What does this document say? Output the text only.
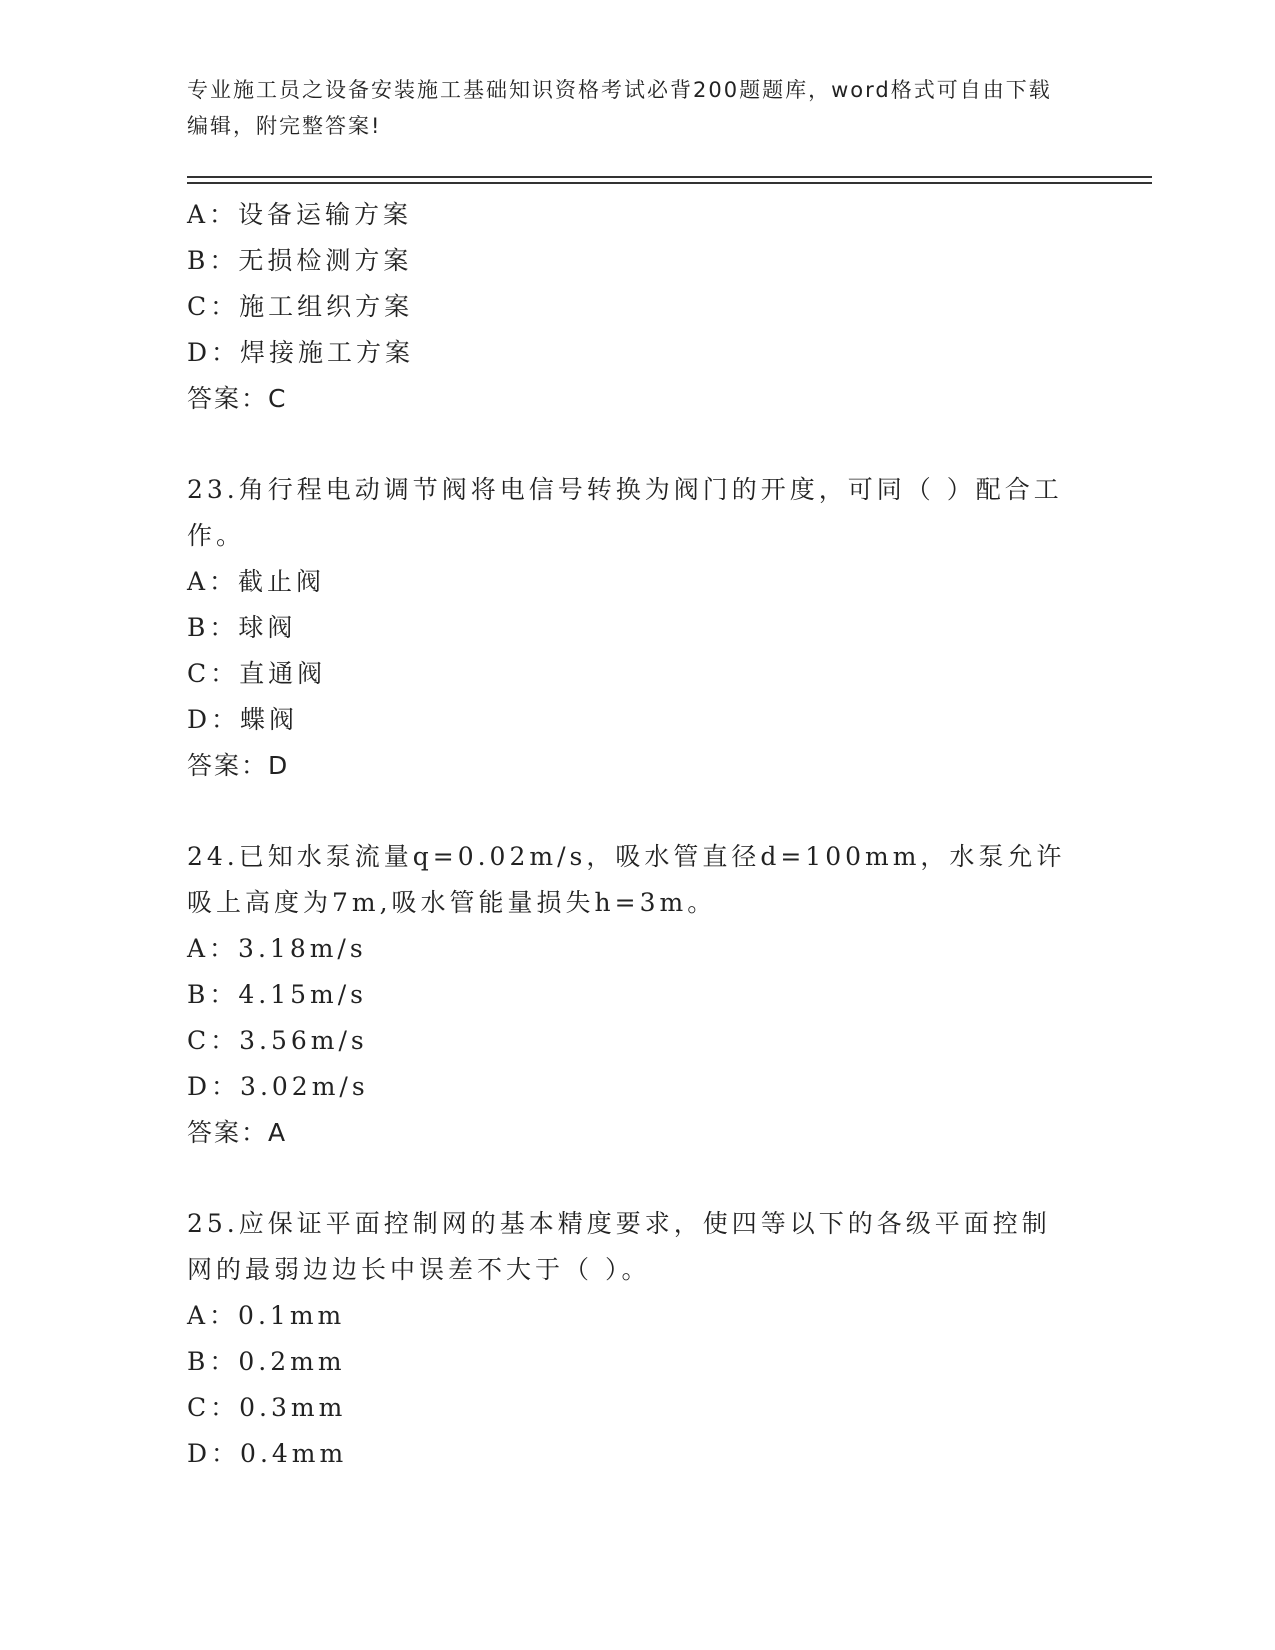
专业施工员之设备安装施工基础知识资格考试必背200题题库，word格式可自由下载编辑，附完整答案!
A：设备运输方案
B：无损检测方案
C：施工组织方案
D：焊接施工方案
答案：C
23.角行程电动调节阀将电信号转换为阀门的开度，可同（ ）配合工作。
A：截止阀
B：球阀
C：直通阀
D：蝶阀
答案：D
24.已知水泵流量q=0.02m/s，吸水管直径d=100mm，水泵允许吸上高度为7m,吸水管能量损失h=3m。
A：3.18m/s
B：4.15m/s
C：3.56m/s
D：3.02m/s
答案：A
25.应保证平面控制网的基本精度要求，使四等以下的各级平面控制网的最弱边边长中误差不大于（ ）。
A：0.1mm
B：0.2mm
C：0.3mm
D：0.4mm
